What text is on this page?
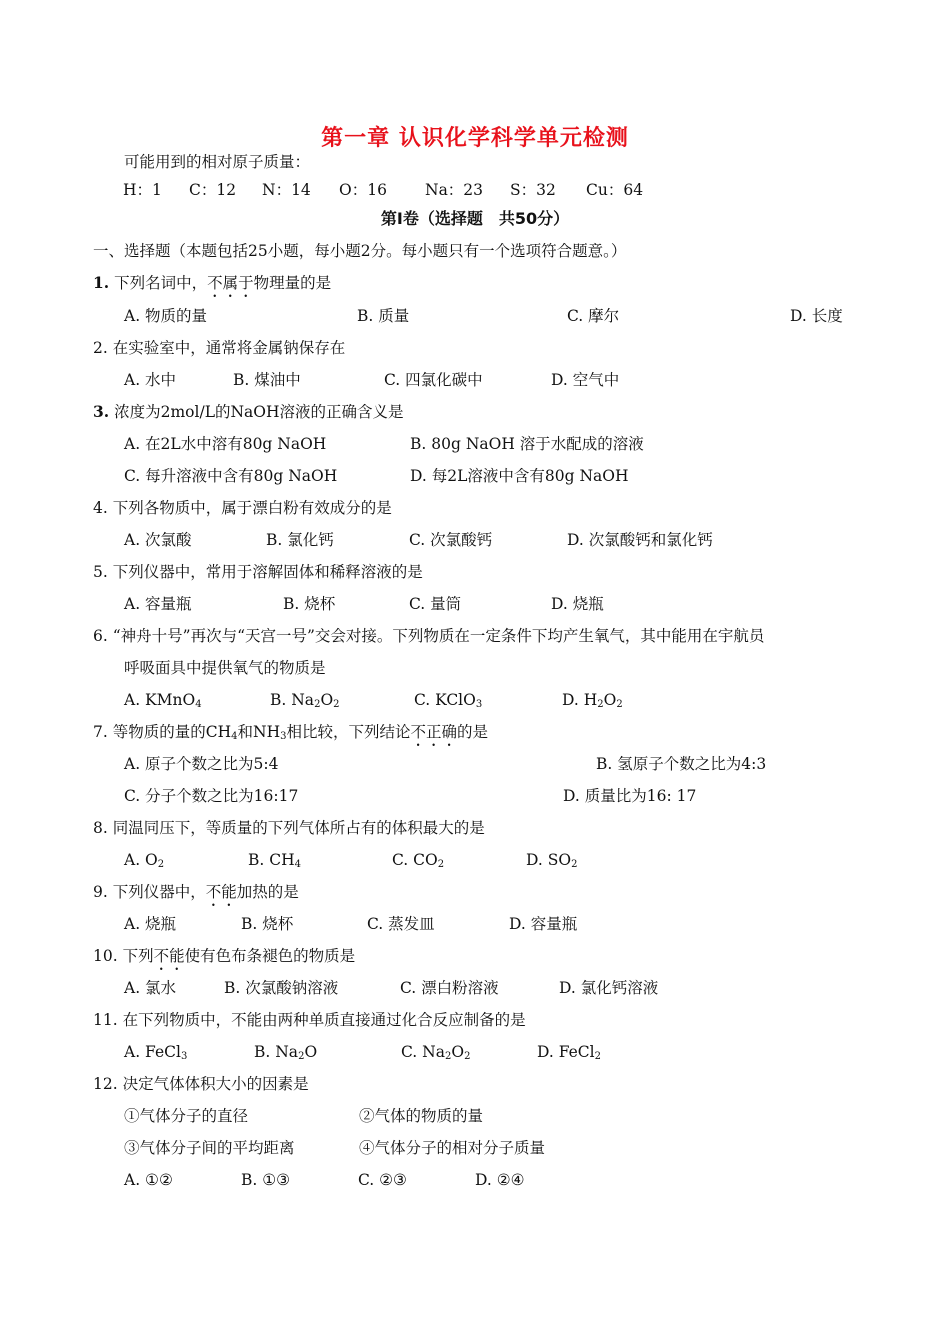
第一章 认识化学科学单元检测
可能用到的相对原子质量：
H：1 C：12 N：14 O：16 Na：23 S：32 Cu：64
第Ⅰ卷（选择题　共50分）
一、选择题（本题包括25小题，每小题2分。每小题只有一个选项符合题意。）
1. 下列名词中，不属于物理量的是
A. 物质的量	B. 质量	C. 摩尔	D. 长度
2. 在实验室中，通常将金属钠保存在
A. 水中	B. 煤油中	C. 四氯化碳中	D. 空气中
3. 浓度为2mol/L的NaOH溶液的正确含义是
A. 在2L水中溶有80g NaOH	B. 80g NaOH 溶于水配成的溶液
C. 每升溶液中含有80g NaOH	D. 每2L溶液中含有80g NaOH
4. 下列各物质中，属于漂白粉有效成分的是
A. 次氯酸	B. 氯化钙	C. 次氯酸钙	D. 次氯酸钙和氯化钙
5. 下列仪器中，常用于溶解固体和稀释溶液的是
A. 容量瓶	B. 烧杯	C. 量筒	D. 烧瓶
6. “神舟十号”再次与“天宫一号”交会对接。下列物质在一定条件下均产生氧气，其中能用在宇航员
呼吸面具中提供氧气的物质是
A. KMnO$_4$	B. $Na_2O_2$	C. KClO$_3$	D. $H_2O_2$
7. 等物质的量的$CH_4$和$NH_3$相比较，下列结论不正确的是
A. 原子个数之比为5:4	B. 氢原子个数之比为4:3
C. 分子个数之比为16:17	D. 质量比为16: 17
8. 同温同压下，等质量的下列气体所占有的体积最大的是
A. $O_2$	B. $CH_4$	C. $CO_2$	D. $SO_2$
9. 下列仪器中，不能加热的是
A. 烧瓶	B. 烧杯	C. 蒸发皿	D. 容量瓶
10. 下列不能使有色布条褪色的物质是
A. 氯水	B. 次氯酸钠溶液	C. 漂白粉溶液	D. 氯化钙溶液
11. 在下列物质中，不能由两种单质直接通过化合反应制备的是
A. FeCl$_3$	B. $Na_2O$	C. $Na_2O_2$	D. FeCl$_2$
12. 决定气体体积大小的因素是
①气体分子的直径	②气体的物质的量
③气体分子间的平均距离	④气体分子的相对分子质量
A. ①②	B. ①③	C. ②③	D. ②④
